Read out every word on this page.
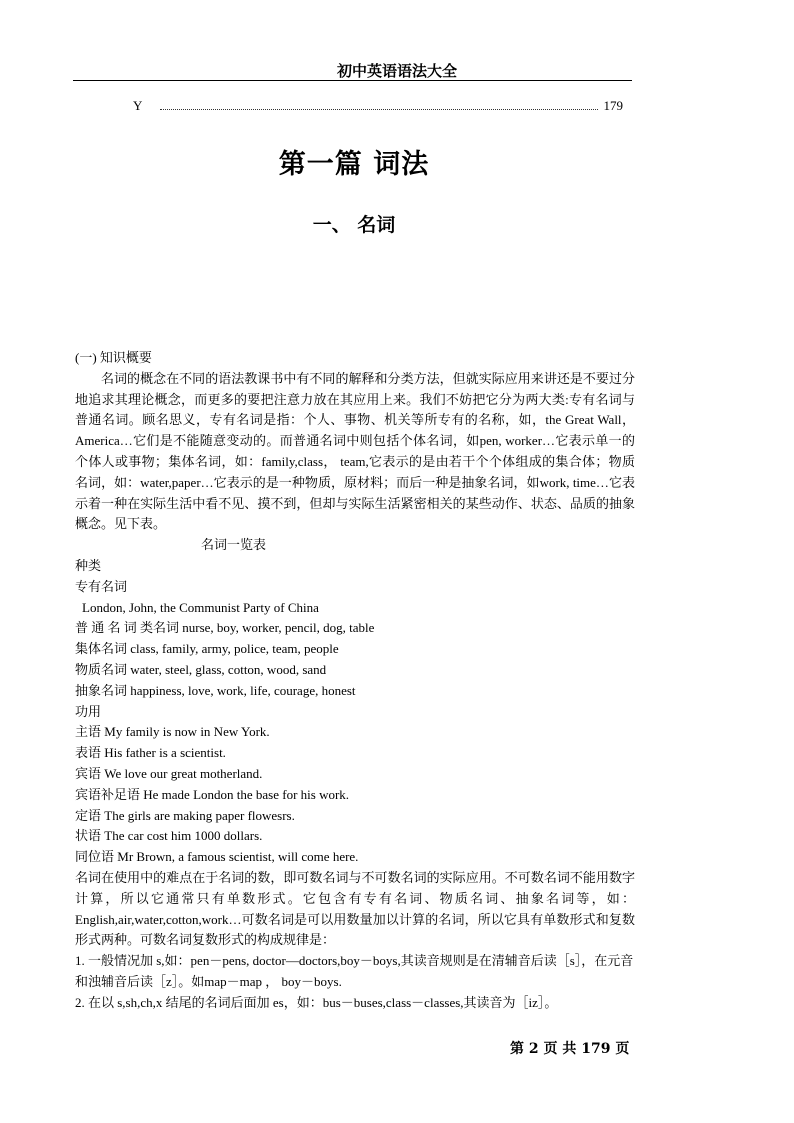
初中英语语法大全
Y	179
第一篇 词法
一、 名词

(一) 知识概要

名词的概念在不同的语法教课书中有不同的解释和分类方法，但就实际应用来讲还是不要过分地追求其理论概念，而更多的要把注意力放在其应用上来。我们不妨把它分为两大类:专有名词与普通名词。顾名思义，专有名词是指：个人、事物、机关等所专有的名称，如，the Great Wall， America…它们是不能随意变动的。而普通名词中则包括个体名词，如pen, worker…它表示单一的个体人或事物；集体名词，如：family,class， team,它表示的是由若干个个体组成的集合体；物质名词，如：water,paper…它表示的是一种物质，原材料；而后一种是抽象名词，如work, time…它表示着一种在实际生活中看不见、摸不到，但却与实际生活紧密相关的某些动作、状态、品质的抽象概念。见下表。

名词一览表

种类

专有名词

London, John, the Communist Party of China

普 通 名 词 类名词 nurse, boy, worker, pencil, dog, table

集体名词 class, family, army, police, team, people

物质名词 water, steel, glass, cotton, wood, sand

抽象名词 happiness, love, work, life, courage, honest

功用

主语 My family is now in New York.

表语 His father is a scientist.

宾语 We love our great motherland.

宾语补足语 He made London the base for his work.

定语 The girls are making paper flowesrs.

状语 The car cost him 1000 dollars.

同位语 Mr Brown, a famous scientist, will come here.

名词在使用中的难点在于名词的数，即可数名词与不可数名词的实际应用。不可数名词不能用数字计算，所以它通常只有单数形式。它包含有专有名词、物质名词、抽象名词等，如：English,air,water,cotton,work…可数名词是可以用数量加以计算的名词，所以它具有单数形式和复数形式两种。可数名词复数形式的构成规律是：

1. 一般情况加 s,如：pen－pens, doctor—doctors,boy－boys,其读音规则是在清辅音后读［s］，在元音和浊辅音后读［z］。如map－map ， boy－boys.

2. 在以 s,sh,ch,x 结尾的名词后面加 es，如：bus－buses,class－classes,其读音为［iz］。

第 2 页 共 179 页
